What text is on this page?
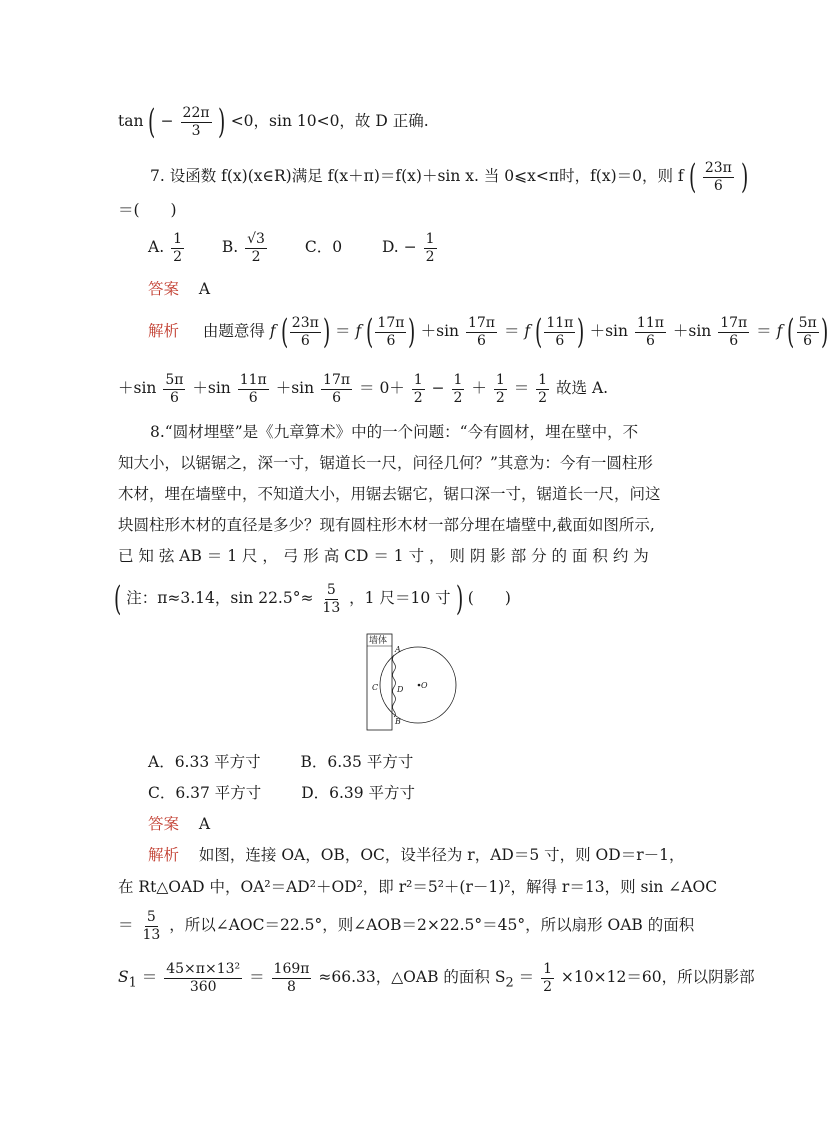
tan ( − $\frac{22\pi}{3}$ ) <0，sin 10<0，故 D 正确.
7. 设函数 f(x)(x∈R)满足 f(x＋π)＝f(x)＋sin x. 当 0⩽x<π时，f(x)＝0，则 f ( $\frac{23\pi}{6}$ )
＝(　　)
A. $\frac{1}{2} B$. $\frac{√3}{2}$ C．0	D. − $\frac{1}{2}$
答案 A
解析 由题意得 f ( $\frac{23\pi}{6}$ ) ＝ f ( $\frac{17\pi}{6}$ ) $+\sin \frac{17\pi}{6} = f$ ( $\frac{11\pi}{6}$ ) $+\sin \frac{11\pi}{6} +\sin \frac{17\pi}{6} = f$ ( $\frac{5\pi}{6}$ )
$+\sin \frac{5\pi}{6} +\sin \frac{11\pi}{6} +\sin \frac{17\pi}{6} = 0+ \frac{1}{2} - \frac{1}{2} + \frac{1}{2} = \frac{1}{2}$ 故选 A.
8.“圆材埋壁”是《九章算术》中的一个问题：“今有圆材，埋在壁中，不
知大小，以锯锯之，深一寸，锯道长一尺，问径几何？”其意为：今有一圆柱形
木材，埋在墙壁中，不知道大小，用锯去锯它，锯口深一寸，锯道长一尺，问这
块圆柱形木材的直径是多少？现有圆柱形木材一部分埋在墙壁中,截面如图所示,
已 知 弦 AB ＝ 1 尺 ， 弓 形 高 CD ＝ 1 寸 ， 则 阴 影 部 分 的 面 积 约 为
( 注：π≈3.14，$\sin 22.5^\circ\approx \frac{5}{13}$ ，1 尺＝10 寸 ) (　　)
墙体
A
B
C D O
A．6.33 平方寸	B．6.35 平方寸
C．6.37 平方寸	D．6.39 平方寸
答案 A
解析 如图，连接 OA，OB，OC，设半径为 r，AD＝5 寸，则 OD＝r－1，
在 Rt△OAD 中，OA²＝AD²＋OD²，即 r²＝5²＋(r－1)²，解得 r＝13，则 sin ∠AOC
＝ $\frac{5}{13}$ ，所以∠AOC＝22.5°，则∠AOB＝2×22.5°＝45°，所以扇形 OAB 的面积
$S_1 = \frac{\text{45×π×13²}}{360} = \frac{169\pi}{8} \approx 66.33$，△OAB 的面积 $S_2 = \frac{1}{2} \times 10\times 12=60$，所以阴影部
